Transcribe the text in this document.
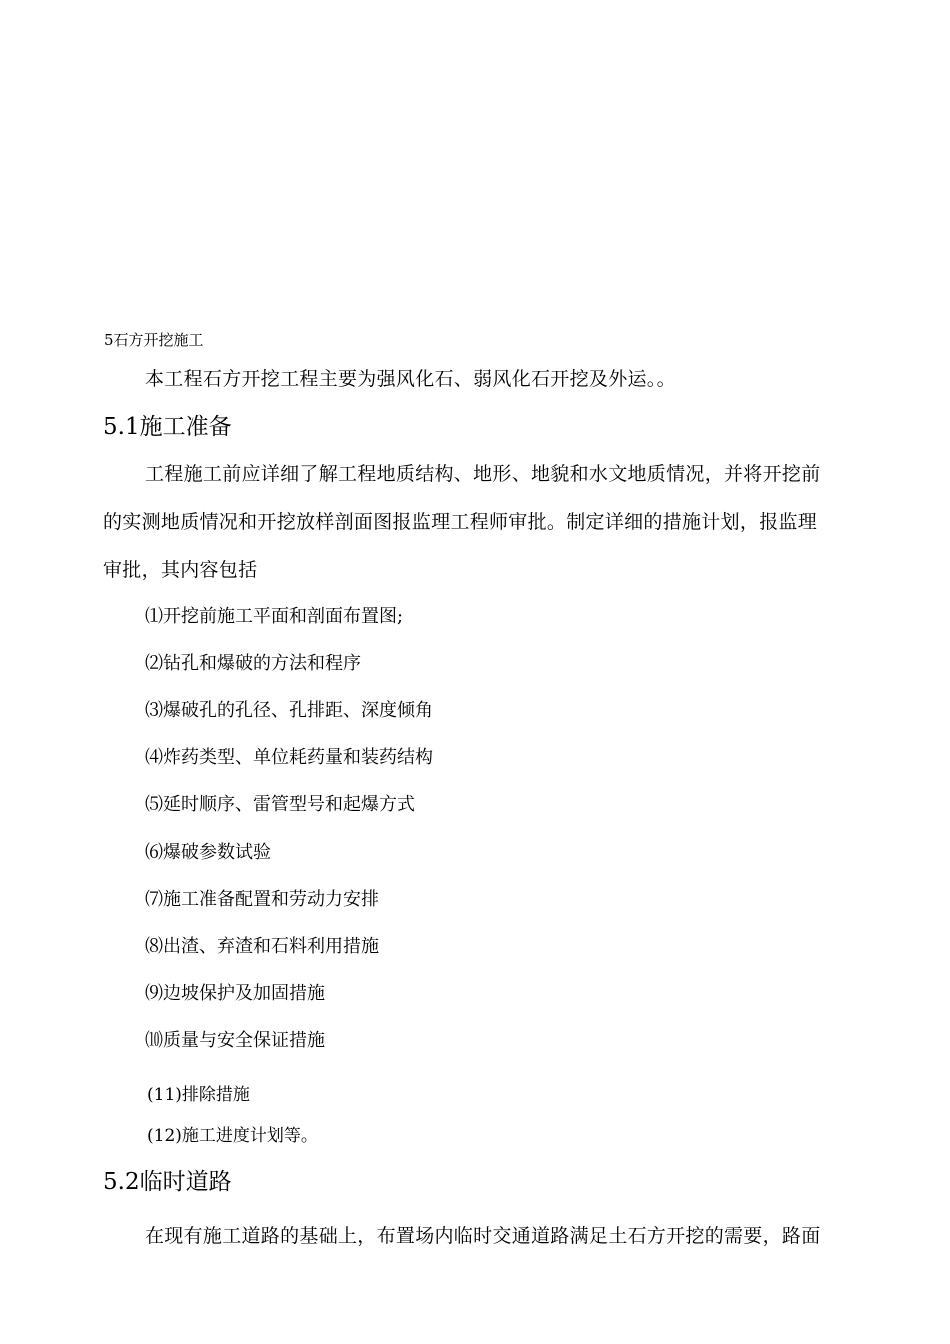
5石方开挖施工
本工程石方开挖工程主要为强风化石、弱风化石开挖及外运。。
5.1施工准备
工程施工前应详细了解工程地质结构、地形、地貌和水文地质情况，并将开挖前
的实测地质情况和开挖放样剖面图报监理工程师审批。制定详细的措施计划，报监理
审批，其内容包括
⑴开挖前施工平面和剖面布置图;
⑵钻孔和爆破的方法和程序
⑶爆破孔的孔径、孔排距、深度倾角
⑷炸药类型、单位耗药量和装药结构
⑸延时顺序、雷管型号和起爆方式
⑹爆破参数试验
⑺施工准备配置和劳动力安排
⑻出渣、弃渣和石料利用措施
⑼边坡保护及加固措施
⑽质量与安全保证措施
(11)排除措施
(12)施工进度计划等。
5.2临时道路
在现有施工道路的基础上，布置场内临时交通道路满足土石方开挖的需要，路面
